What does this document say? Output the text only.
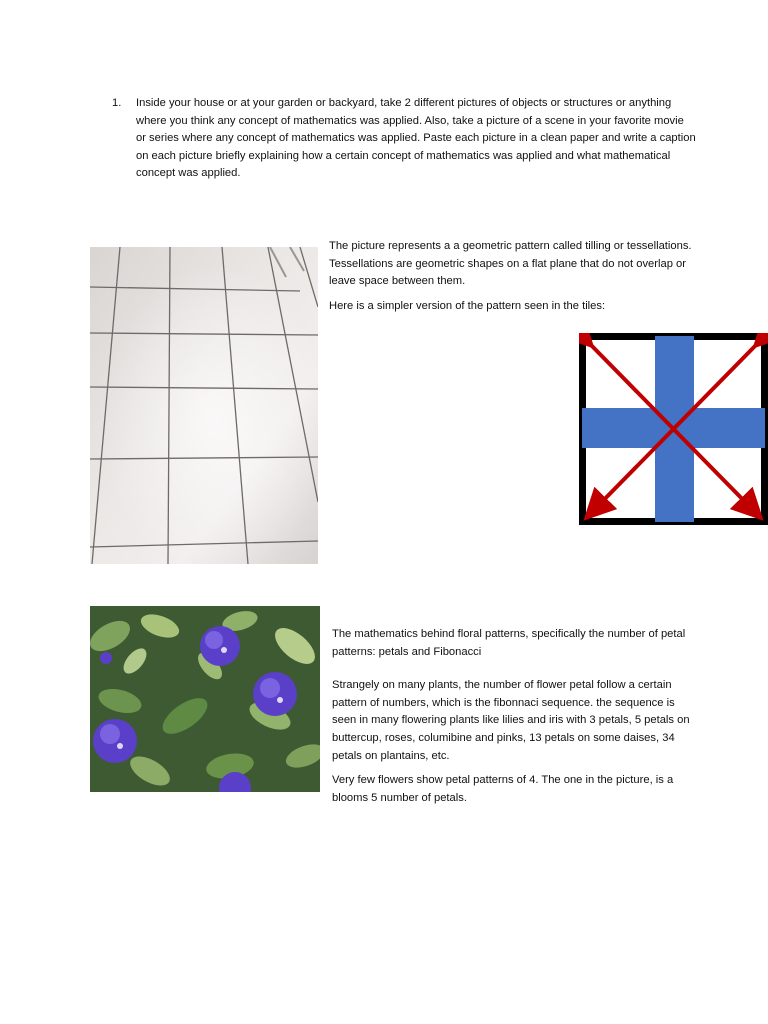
1. Inside your house or at your garden or backyard, take 2 different pictures of objects or structures or anything where you think any concept of mathematics was applied. Also, take a picture of a scene in your favorite movie or series where any concept of mathematics was applied. Paste each picture in a clean paper and write a caption on each picture briefly explaining how a certain concept of mathematics was applied and what mathematical concept was applied.

The picture represents a a geometric pattern called tilling or tessellations. Tessellations are geometric shapes on a flat plane that do not overlap or leave space between them.

Here is a simpler version of the pattern seen in the tiles:

The mathematics behind floral patterns, specifically the number of petal patterns: petals and Fibonacci

Strangely on many plants, the number of flower petal follow a certain pattern of numbers, which is the fibonnaci sequence. the sequence is seen in many flowering plants like lilies and iris with 3 petals, 5 petals on buttercup, roses, columibine and pinks, 13 petals on some daises, 34 petals on plantains, etc.

Very few flowers show petal patterns of 4. The one in the picture, is a blooms 5 number of petals.
